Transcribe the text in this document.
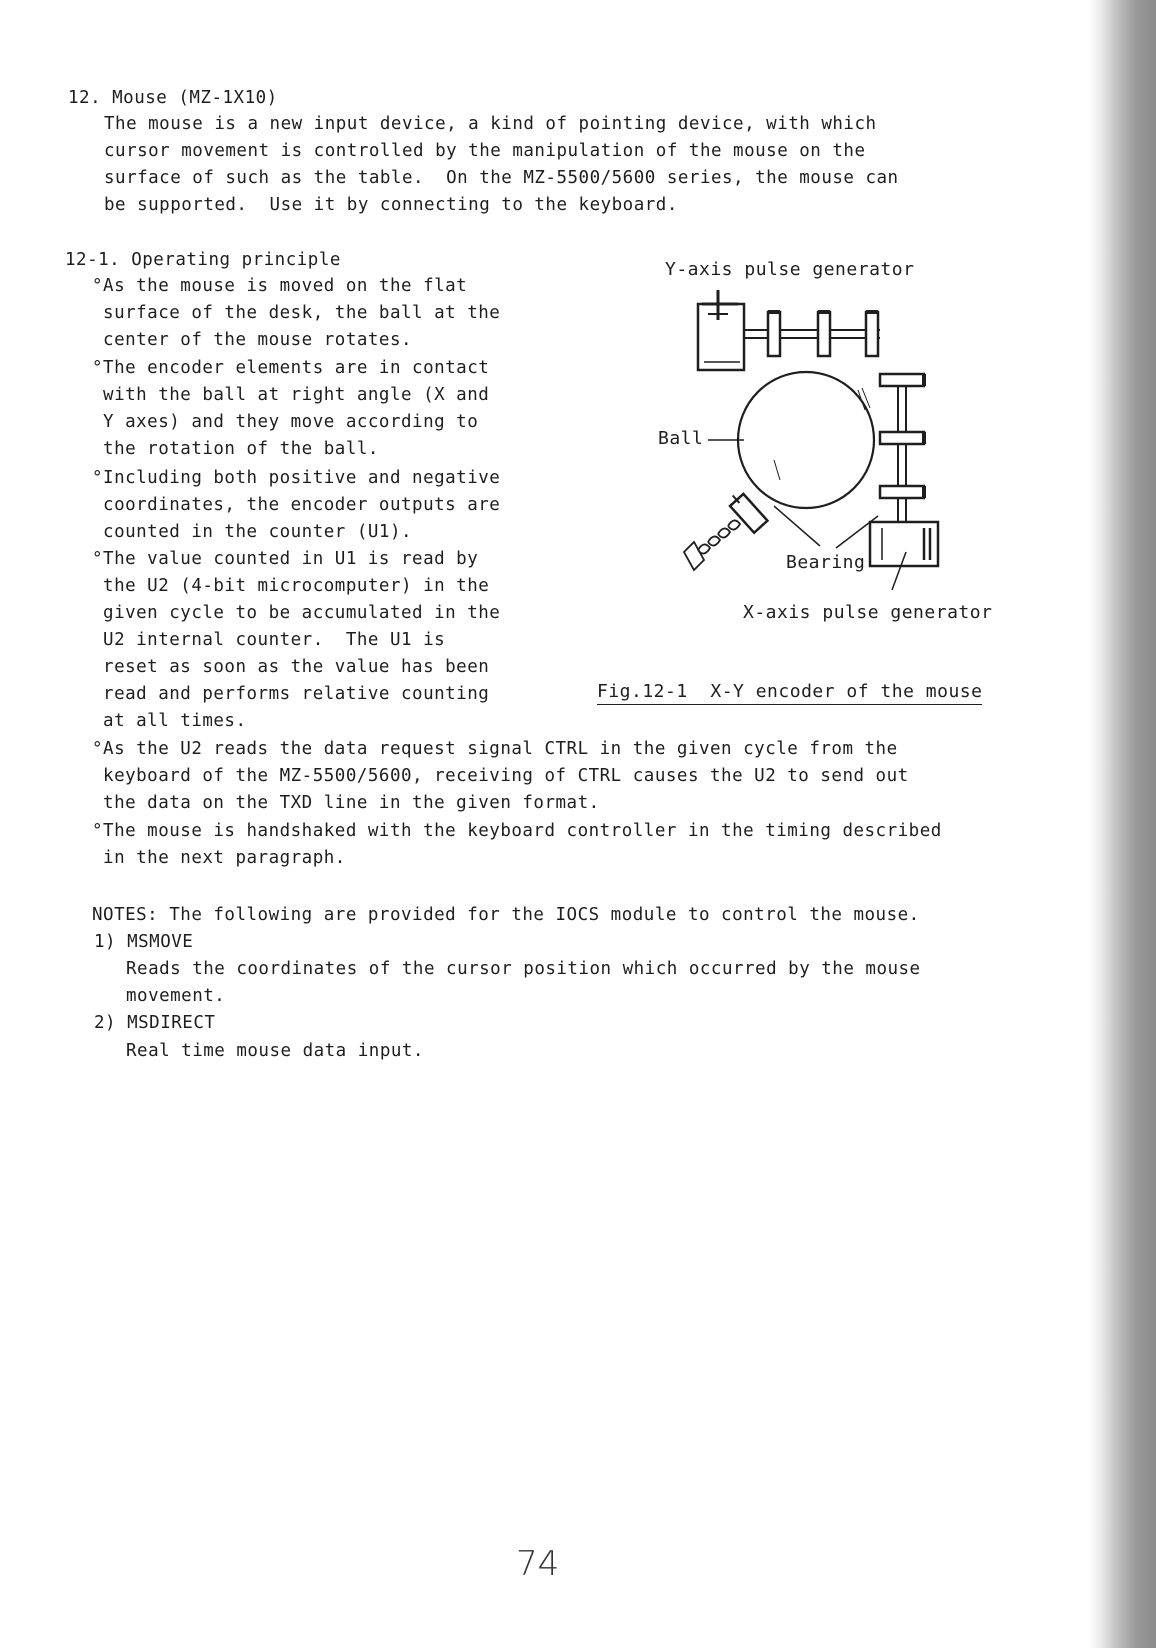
12. Mouse (MZ-1X10)
The mouse is a new input device, a kind of pointing device, with which
cursor movement is controlled by the manipulation of the mouse on the
surface of such as the table.  On the MZ-5500/5600 series, the mouse can
be supported.  Use it by connecting to the keyboard.
12-1. Operating principle
°As the mouse is moved on the flat
surface of the desk, the ball at the
center of the mouse rotates.
°The encoder elements are in contact
with the ball at right angle (X and
Y axes) and they move according to
the rotation of the ball.
°Including both positive and negative
coordinates, the encoder outputs are
counted in the counter (U1).
°The value counted in U1 is read by
the U2 (4-bit microcomputer) in the
given cycle to be accumulated in the
U2 internal counter.  The U1 is
reset as soon as the value has been
read and performs relative counting
at all times.
°As the U2 reads the data request signal CTRL in the given cycle from the
keyboard of the MZ-5500/5600, receiving of CTRL causes the U2 to send out
the data on the TXD line in the given format.
°The mouse is handshaked with the keyboard controller in the timing described
in the next paragraph.
Y-axis pulse generator
Ball
Bearing
X-axis pulse generator
Fig.12-1  X-Y encoder of the mouse
NOTES: The following are provided for the IOCS module to control the mouse.
1) MSMOVE
Reads the coordinates of the cursor position which occurred by the mouse
movement.
2) MSDIRECT
Real time mouse data input.
74
